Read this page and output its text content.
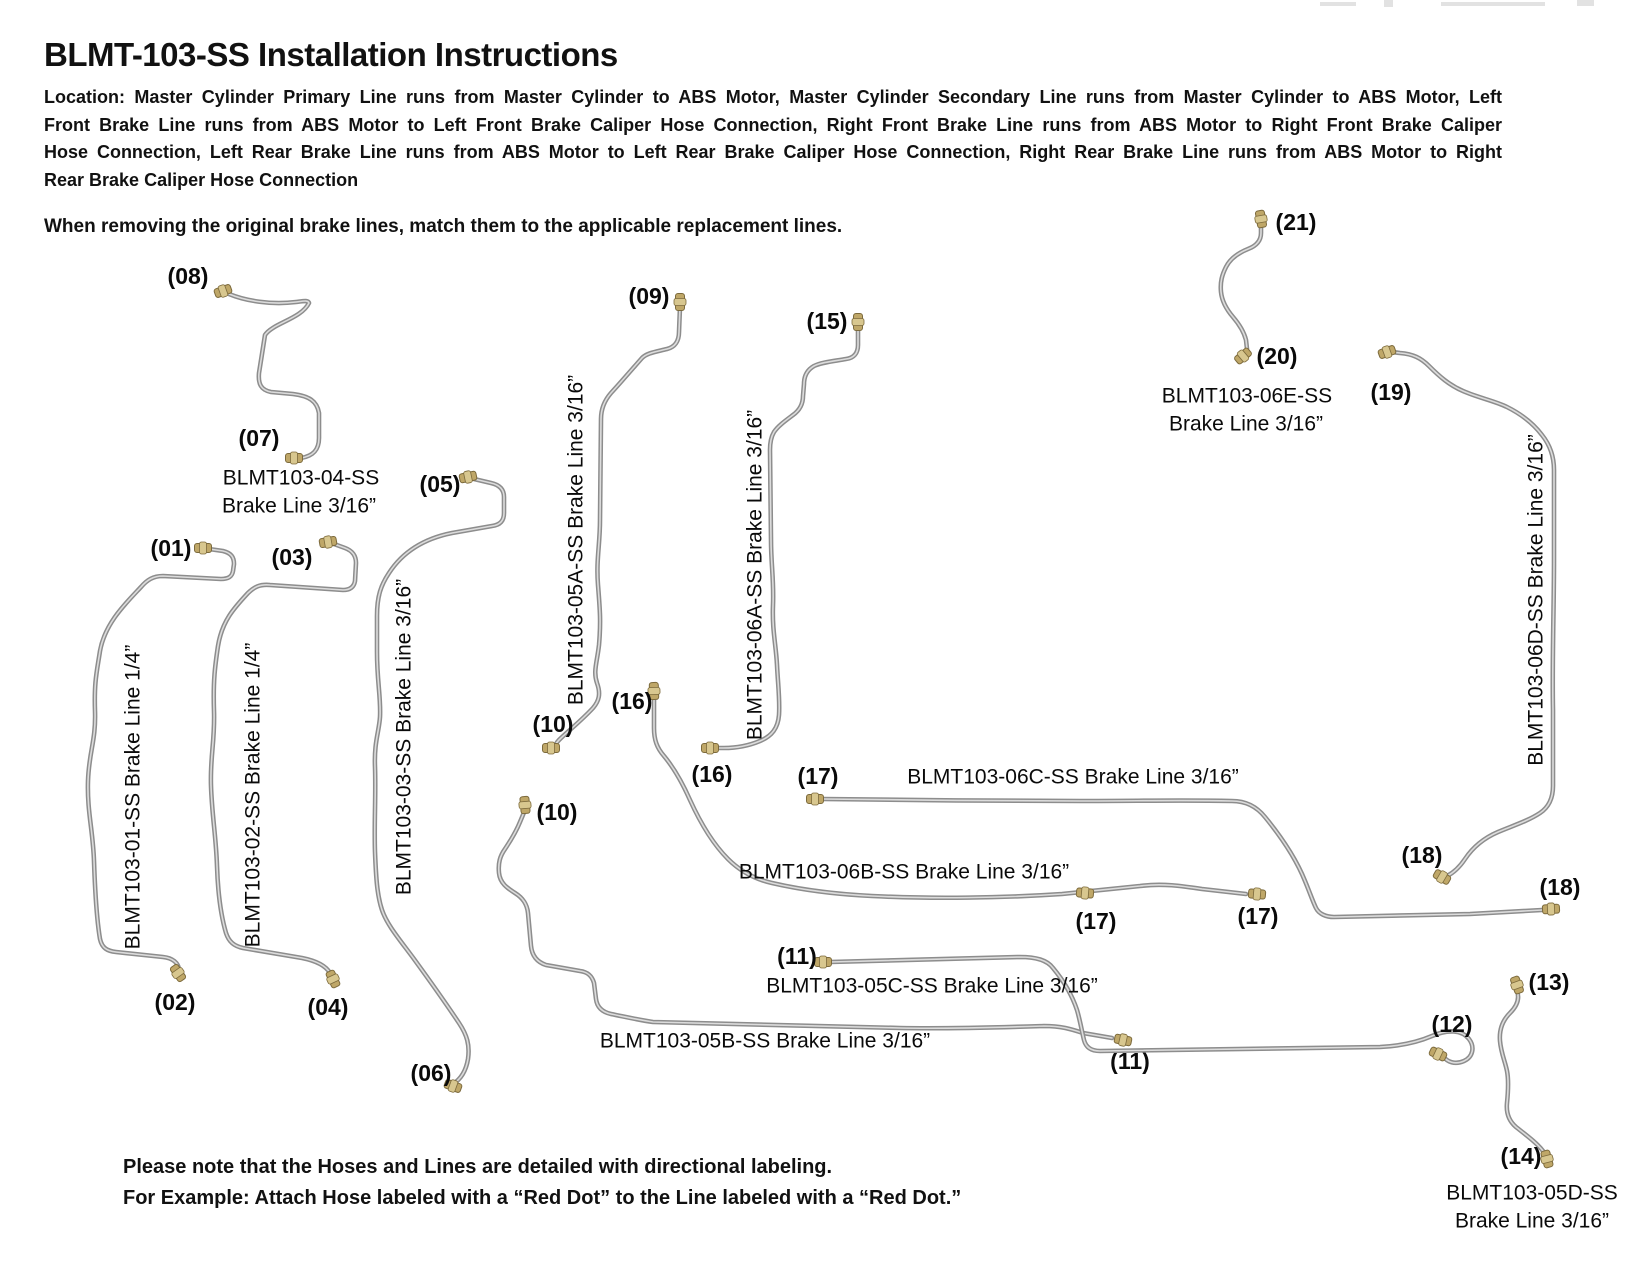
BLMT-103-SS Installation Instructions
Location: Master Cylinder Primary Line runs from Master Cylinder to ABS Motor, Master Cylinder Secondary Line runs from Master Cylinder to ABS Motor, Left
Front Brake Line runs from ABS Motor to Left Front Brake Caliper Hose Connection, Right Front Brake Line runs from ABS Motor to Right Front Brake Caliper
Hose Connection, Left Rear Brake Line runs from ABS Motor to Left Rear Brake Caliper Hose Connection, Right Rear Brake Line runs from ABS Motor to Right
Rear Brake Caliper Hose Connection
When removing the original brake lines, match them to the applicable replacement lines.
(08)
(07)
BLMT103-04-SS
Brake Line 3/16”
(01)
(02)
BLMT103-01-SS Brake Line 1/4”
(03)
(04)
BLMT103-02-SS Brake Line 1/4”
(05)
(06)
BLMT103-03-SS Brake Line 3/16”
(09)
(10)
BLMT103-05A-SS Brake Line 3/16”
(10)
(11)
BLMT103-05B-SS Brake Line 3/16”
(11)
(12)
BLMT103-05C-SS Brake Line 3/16”	(13)
(14)
BLMT103-05D-SS
Brake Line 3/16”
(15)
(16)
BLMT103-06A-SS Brake Line 3/16”
(16)
(17)	(17)
BLMT103-06B-SS Brake Line 3/16”
(17)
(18)
BLMT103-06C-SS Brake Line 3/16”
(19)
(18)
BLMT103-06D-SS Brake Line 3/16”
(21)
(20)
BLMT103-06E-SS
Brake Line 3/16”
Please note that the Hoses and Lines are detailed with directional labeling.
For Example: Attach Hose labeled with a “Red Dot” to the Line labeled with a “Red Dot.”
